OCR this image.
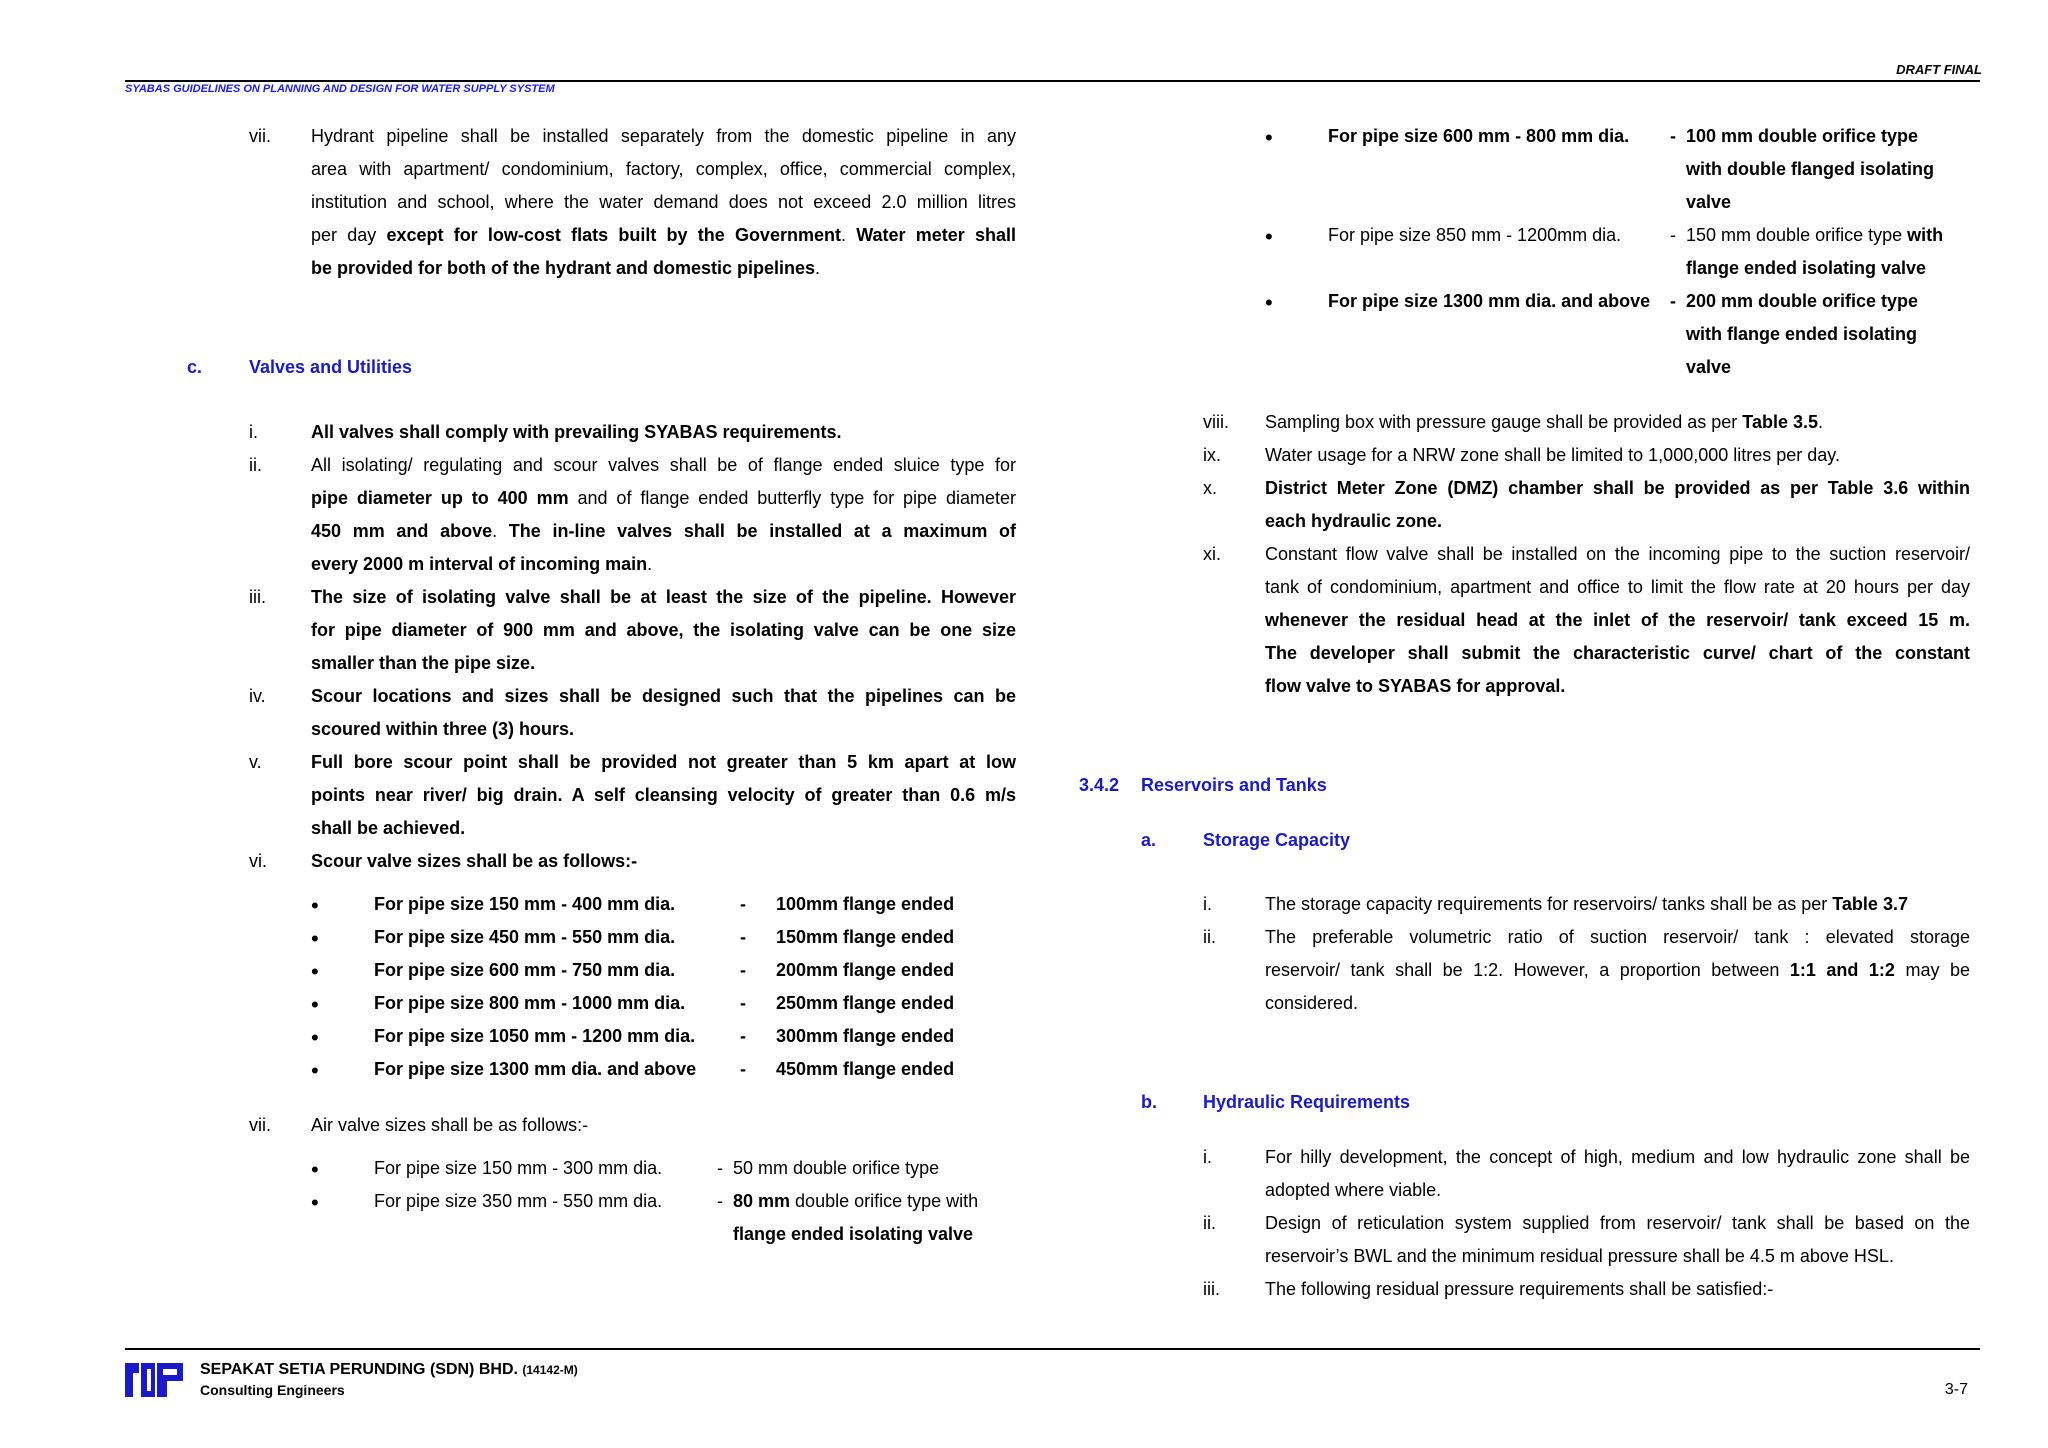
DRAFT FINAL
SYABAS GUIDELINES ON PLANNING AND DESIGN FOR WATER SUPPLY SYSTEM
vii. Hydrant pipeline shall be installed separately from the domestic pipeline in any
area with apartment/ condominium, factory, complex, office, commercial complex,
institution and school, where the water demand does not exceed 2.0 million litres
per day except for low-cost flats built by the Government. Water meter shall
be provided for both of the hydrant and domestic pipelines.
c.	Valves and Utilities
i.	All valves shall comply with prevailing SYABAS requirements.
ii.	All isolating/ regulating and scour valves shall be of flange ended sluice type for
pipe diameter up to 400 mm and of flange ended butterfly type for pipe diameter
450 mm and above. The in-line valves shall be installed at a maximum of
every 2000 m interval of incoming main.
iii.	The size of isolating valve shall be at least the size of the pipeline. However
for pipe diameter of 900 mm and above, the isolating valve can be one size
smaller than the pipe size.
iv.	Scour locations and sizes shall be designed such that the pipelines can be
scoured within three (3) hours.
v.	Full bore scour point shall be provided not greater than 5 km apart at low
points near river/ big drain. A self cleansing velocity of greater than 0.6 m/s
shall be achieved.
vi. Scour valve sizes shall be as follows:-
•	For pipe size 150 mm - 400 mm dia.	- 100mm flange ended
•	For pipe size 450 mm - 550 mm dia.	- 150mm flange ended
•	For pipe size 600 mm - 750 mm dia.	- 200mm flange ended
•	For pipe size 800 mm - 1000 mm dia.	- 250mm flange ended
•	For pipe size 1050 mm - 1200 mm dia. - 300mm flange ended
•	For pipe size 1300 mm dia. and above - 450mm flange ended
vii. Air valve sizes shall be as follows:-
•	For pipe size 150 mm - 300 mm dia.	- 50 mm double orifice type
•	For pipe size 350 mm - 550 mm dia.	- 80 mm double orifice type with
flange ended isolating valve
•	For pipe size 600 mm - 800 mm dia. - 100 mm double orifice type
with double flanged isolating
valve
•	For pipe size 850 mm - 1200mm dia.	- 150 mm double orifice type with
flange ended isolating valve
•	For pipe size 1300 mm dia. and above - 200 mm double orifice type
with flange ended isolating
valve
viii. Sampling box with pressure gauge shall be provided as per Table 3.5.
ix. Water usage for a NRW zone shall be limited to 1,000,000 litres per day.
x.	District Meter Zone (DMZ) chamber shall be provided as per Table 3.6 within
each hydraulic zone.
xi. Constant flow valve shall be installed on the incoming pipe to the suction reservoir/
tank of condominium, apartment and office to limit the flow rate at 20 hours per day
whenever the residual head at the inlet of the reservoir/ tank exceed 15 m.
The developer shall submit the characteristic curve/ chart of the constant
flow valve to SYABAS for approval.
3.4.2 Reservoirs and Tanks
a.	Storage Capacity
i.	The storage capacity requirements for reservoirs/ tanks shall be as per Table 3.7
ii.	The preferable volumetric ratio of suction reservoir/ tank : elevated storage
reservoir/ tank shall be 1:2. However, a proportion between 1:1 and 1:2 may be
considered.
b.	Hydraulic Requirements
i.	For hilly development, the concept of high, medium and low hydraulic zone shall be
adopted where viable.
ii.	Design of reticulation system supplied from reservoir/ tank shall be based on the
reservoir’s BWL and the minimum residual pressure shall be 4.5 m above HSL.
iii.	The following residual pressure requirements shall be satisfied:-
SEPAKAT SETIA PERUNDING (SDN) BHD. (14142-M)
Consulting Engineers	3-7
